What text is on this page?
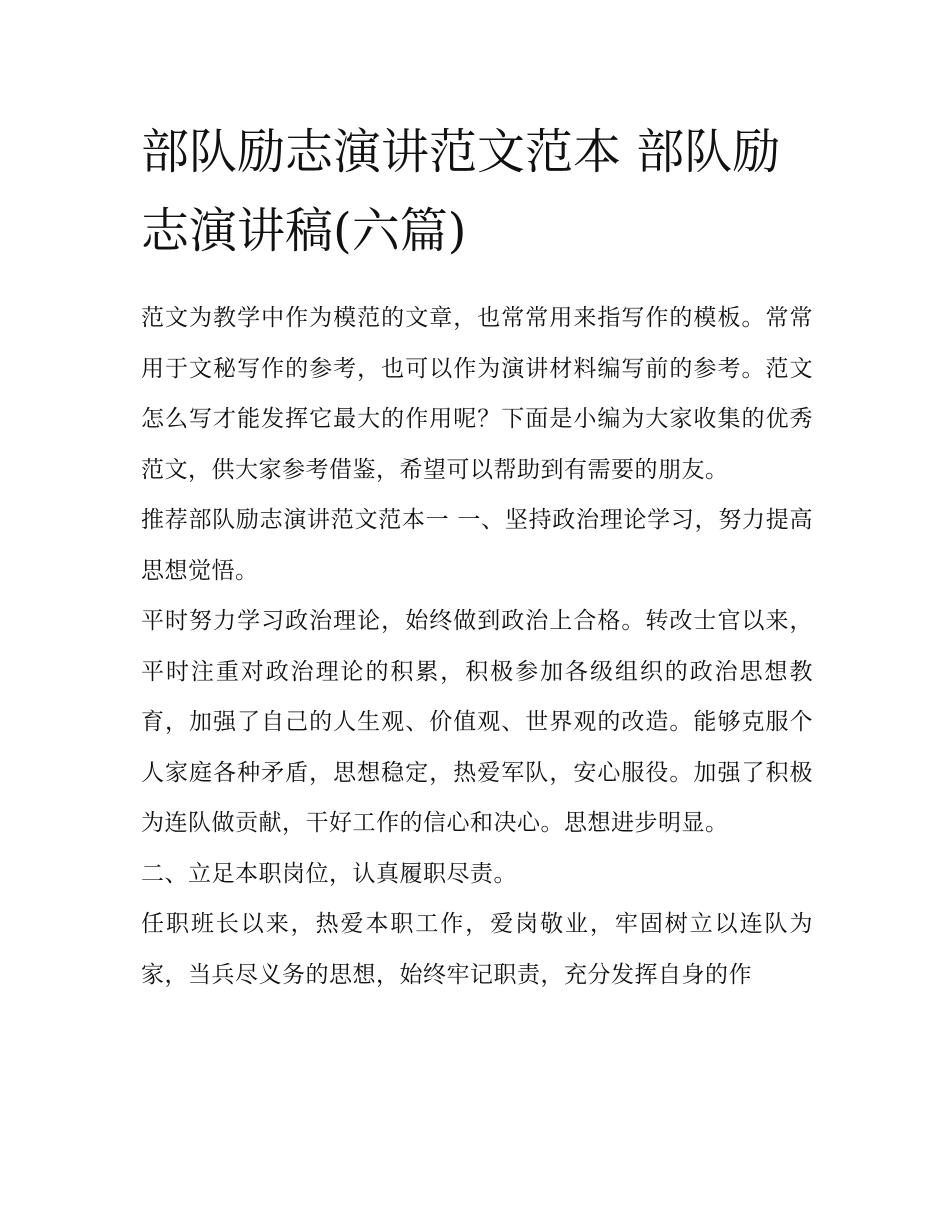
部队励志演讲范文范本 部队励志演讲稿(六篇)

范文为教学中作为模范的文章，也常常用来指写作的模板。常常用于文秘写作的参考，也可以作为演讲材料编写前的参考。范文怎么写才能发挥它最大的作用呢？下面是小编为大家收集的优秀范文，供大家参考借鉴，希望可以帮助到有需要的朋友。

推荐部队励志演讲范文范本一 一、坚持政治理论学习，努力提高思想觉悟。

平时努力学习政治理论，始终做到政治上合格。转改士官以来，平时注重对政治理论的积累，积极参加各级组织的政治思想教育，加强了自己的人生观、价值观、世界观的改造。能够克服个人家庭各种矛盾，思想稳定，热爱军队，安心服役。加强了积极为连队做贡献，干好工作的信心和决心。思想进步明显。

二、立足本职岗位，认真履职尽责。

任职班长以来，热爱本职工作，爱岗敬业，牢固树立以连队为家，当兵尽义务的思想，始终牢记职责，充分发挥自身的作
